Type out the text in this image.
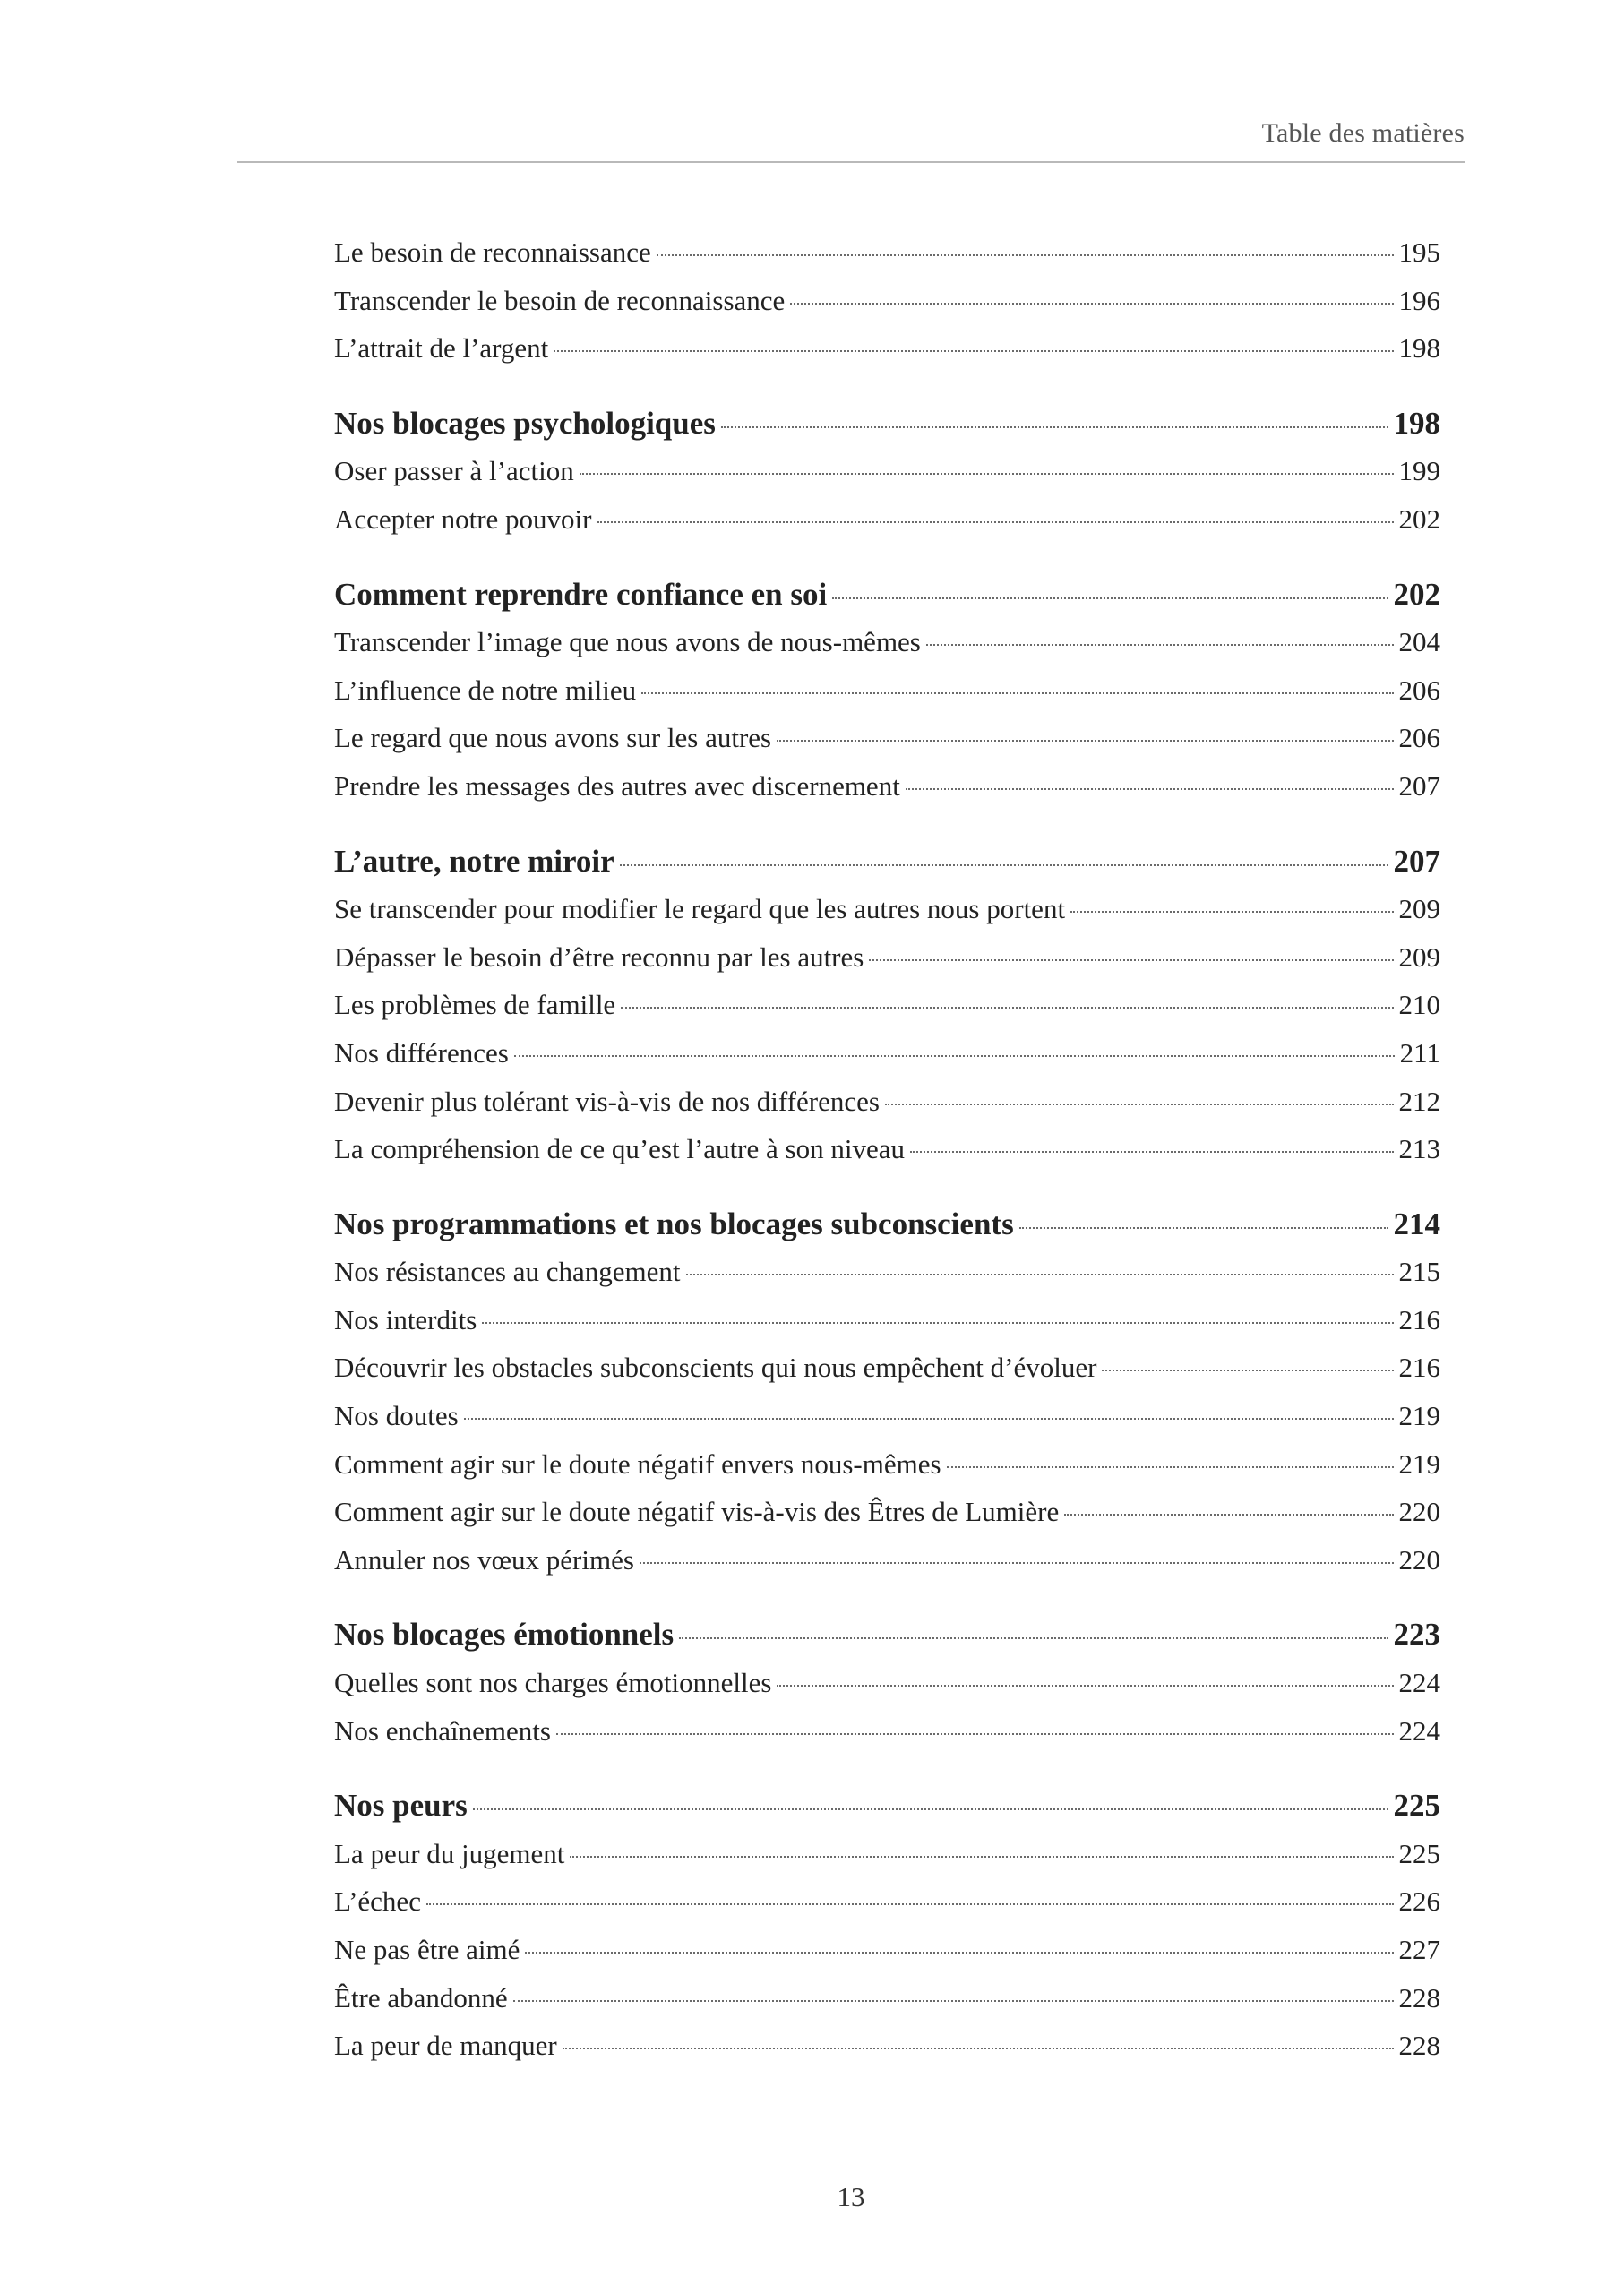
Table des matières
Le besoin de reconnaissance	195
Transcender le besoin de reconnaissance	196
L’attrait de l’argent	198
Nos blocages psychologiques	198
Oser passer à l’action	199
Accepter notre pouvoir	202
Comment reprendre confiance en soi	202
Transcender l’image que nous avons de nous-mêmes	204
L’influence de notre milieu	206
Le regard que nous avons sur les autres	206
Prendre les messages des autres avec discernement	207
L’autre, notre miroir	207
Se transcender pour modifier le regard que les autres nous portent	209
Dépasser le besoin d’être reconnu par les autres	209
Les problèmes de famille	210
Nos différences	211
Devenir plus tolérant vis-à-vis de nos différences	212
La compréhension de ce qu’est l’autre à son niveau	213
Nos programmations et nos blocages subconscients	214
Nos résistances au changement	215
Nos interdits	216
Découvrir les obstacles subconscients qui nous empêchent d’évoluer	216
Nos doutes	219
Comment agir sur le doute négatif envers nous-mêmes	219
Comment agir sur le doute négatif vis-à-vis des Êtres de Lumière	220
Annuler nos vœux périmés	220
Nos blocages émotionnels	223
Quelles sont nos charges émotionnelles	224
Nos enchaînements	224
Nos peurs	225
La peur du jugement	225
L’échec	226
Ne pas être aimé	227
Être abandonné	228
La peur de manquer	228
13
